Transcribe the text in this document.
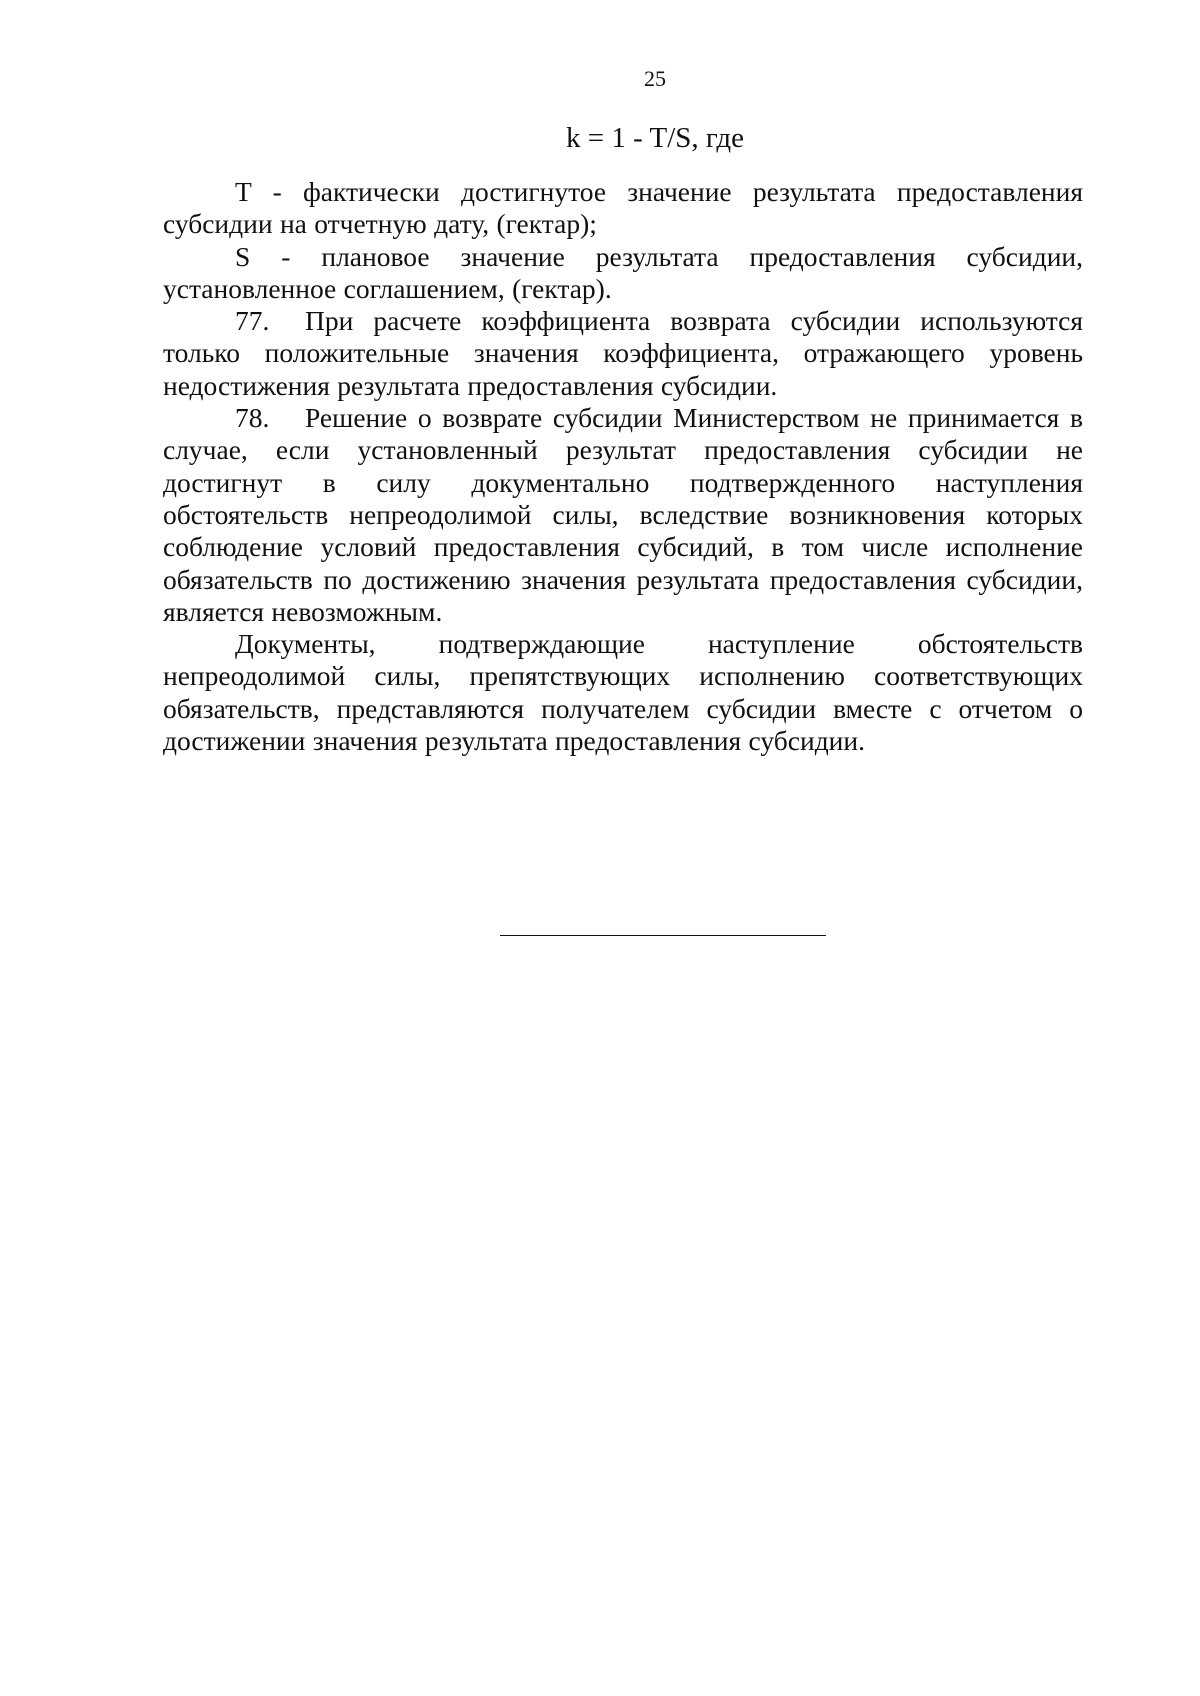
25
k = 1 - T/S, где

T - фактически достигнутое значение результата предоставления субсидии на отчетную дату, (гектар);

S - плановое значение результата предоставления субсидии, установленное соглашением, (гектар).

77. При расчете коэффициента возврата субсидии используются только положительные значения коэффициента, отражающего уровень недостижения результата предоставления субсидии.

78. Решение о возврате субсидии Министерством не принимается в случае, если установленный результат предоставления субсидии не достигнут в силу документально подтвержденного наступления обстоятельств непреодолимой силы, вследствие возникновения которых соблюдение условий предоставления субсидий, в том числе исполнение обязательств по достижению значения результата предоставления субсидии, является невозможным.

Документы, подтверждающие наступление обстоятельств непреодолимой силы, препятствующих исполнению соответствующих обязательств, представляются получателем субсидии вместе с отчетом о достижении значения результата предоставления субсидии.
